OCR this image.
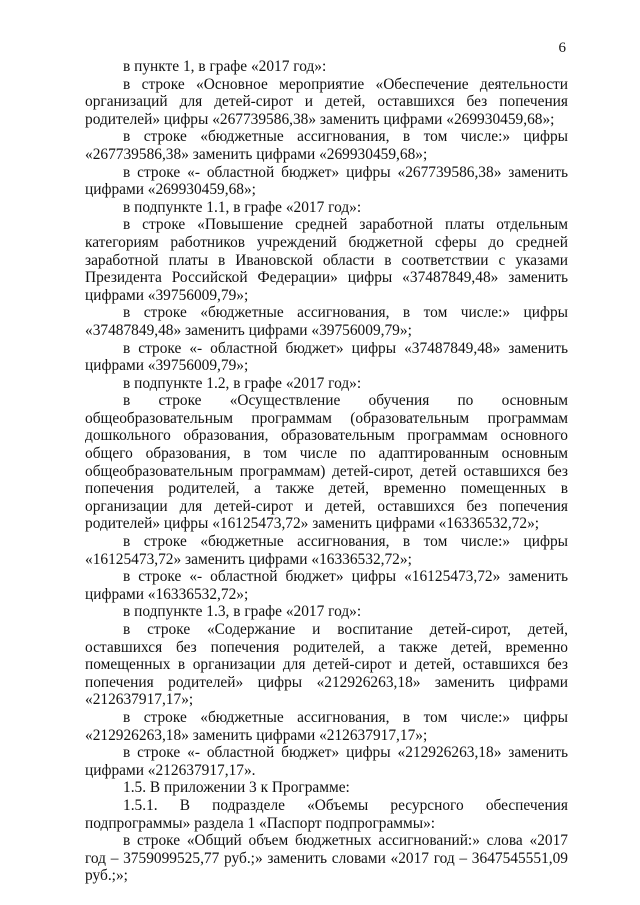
6

в пункте 1, в графе «2017 год»:

в строке «Основное мероприятие «Обеспечение деятельности организаций для детей-сирот и детей, оставшихся без попечения родителей» цифры «267739586,38» заменить цифрами «269930459,68»;

в строке «бюджетные ассигнования, в том числе:» цифры «267739586,38» заменить цифрами «269930459,68»;

в строке «- областной бюджет» цифры «267739586,38» заменить цифрами «269930459,68»;

в подпункте 1.1, в графе «2017 год»:

в строке «Повышение средней заработной платы отдельным категориям работников учреждений бюджетной сферы до средней заработной платы в Ивановской области в соответствии с указами Президента Российской Федерации» цифры «37487849,48» заменить цифрами «39756009,79»;

в строке «бюджетные ассигнования, в том числе:» цифры «37487849,48» заменить цифрами «39756009,79»;

в строке «- областной бюджет» цифры «37487849,48» заменить цифрами «39756009,79»;

в подпункте 1.2, в графе «2017 год»:

в строке «Осуществление обучения по основным общеобразовательным программам (образовательным программам дошкольного образования, образовательным программам основного общего образования, в том числе по адаптированным основным общеобразовательным программам) детей-сирот, детей оставшихся без попечения родителей, а также детей, временно помещенных в организации для детей-сирот и детей, оставшихся без попечения родителей» цифры «16125473,72» заменить цифрами «16336532,72»;

в строке «бюджетные ассигнования, в том числе:» цифры «16125473,72» заменить цифрами «16336532,72»;

в строке «- областной бюджет» цифры «16125473,72» заменить цифрами «16336532,72»;

в подпункте 1.3, в графе «2017 год»:

в строке «Содержание и воспитание детей-сирот, детей, оставшихся без попечения родителей, а также детей, временно помещенных в организации для детей-сирот и детей, оставшихся без попечения родителей» цифры «212926263,18» заменить цифрами «212637917,17»;

в строке «бюджетные ассигнования, в том числе:» цифры «212926263,18» заменить цифрами «212637917,17»;

в строке «- областной бюджет» цифры «212926263,18» заменить цифрами «212637917,17».

1.5. В приложении 3 к Программе:

1.5.1. В подразделе «Объемы ресурсного обеспечения подпрограммы» раздела 1 «Паспорт подпрограммы»:

в строке «Общий объем бюджетных ассигнований:» слова «2017 год – 3759099525,77 руб.;» заменить словами «2017 год – 3647545551,09 руб.;»;
